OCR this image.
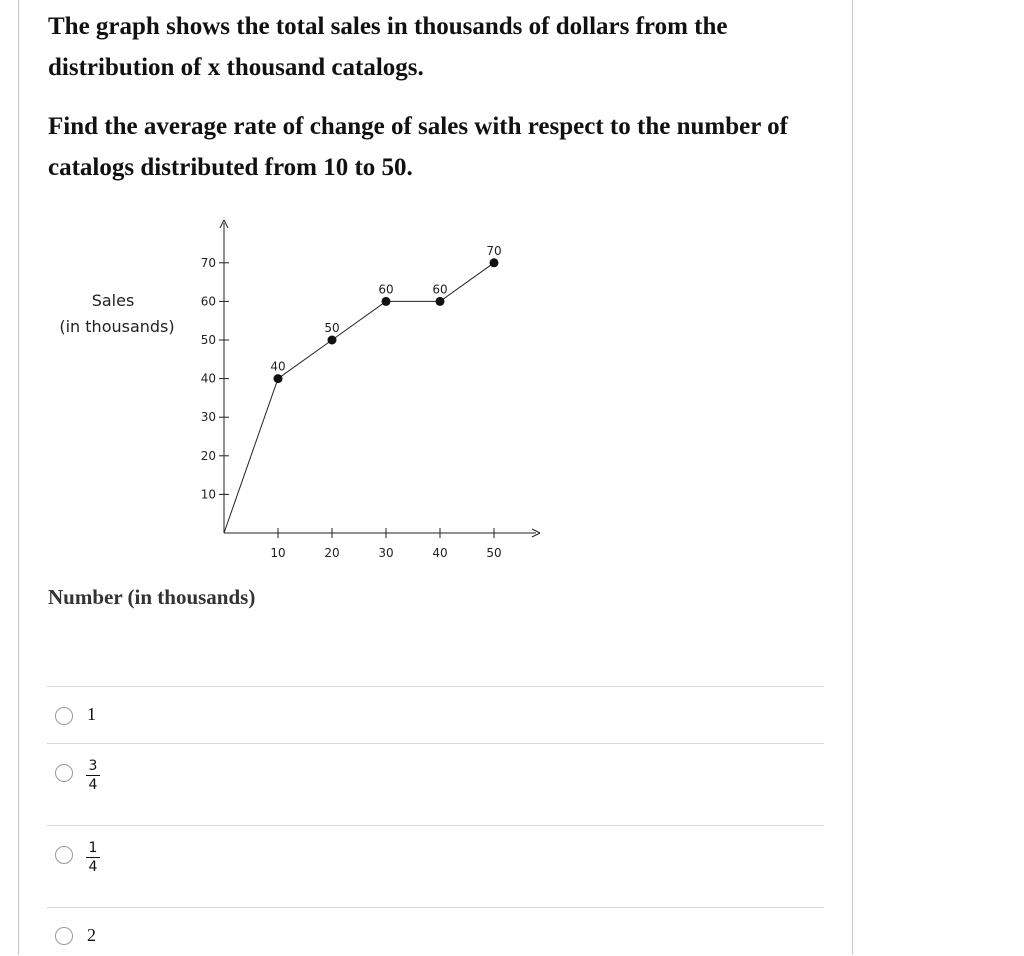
The graph shows the total sales in thousands of dollars from the distribution of x thousand catalogs.

Find the average rate of change of sales with respect to the number of catalogs distributed from 10 to 50.

Sales
(in thousands)
10
20
30
40
50
60
70
10	20	30	40	50
40
50
60	60
70

Number (in thousands)

1
3
4
1
4
2
